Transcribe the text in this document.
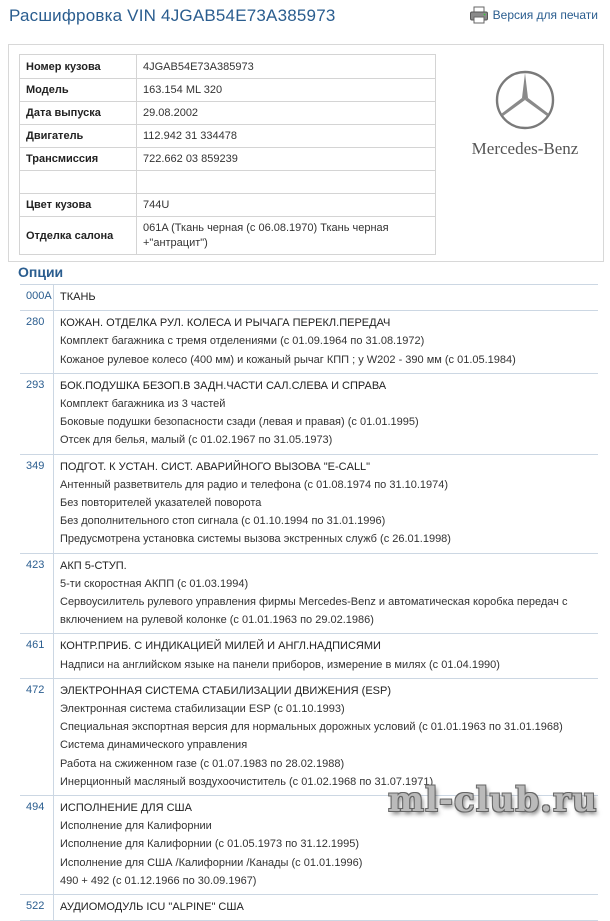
Расшифровка VIN 4JGAB54E73A385973	Версия для печати
Номер кузова	4JGAB54E73A385973
Модель	163.154 ML 320
Дата выпуска	29.08.2002
Двигатель	112.942 31 334478
Трансмиссия	722.662 03 859239

Цвет кузова	744U
Отделка салона	061A (Ткань черная (с 06.08.1970) Ткань черная +"антрацит")
Mercedes-Benz
Опции
000A ТКАНЬ
280	КОЖАН. ОТДЕЛКА РУЛ. КОЛЕСА И РЫЧАГА ПЕРЕКЛ.ПЕРЕДАЧ
Комплект багажника с тремя отделениями (с 01.09.1964 по 31.08.1972)
Кожаное рулевое колесо (400 мм) и кожаный рычаг КПП ; у W202 - 390 мм (с 01.05.1984)
293	БОК.ПОДУШКА БЕЗОП.В ЗАДН.ЧАСТИ САЛ.СЛЕВА И СПРАВА
Комплект багажника из 3 частей
Боковые подушки безопасности сзади (левая и правая) (с 01.01.1995)
Отсек для белья, малый (с 01.02.1967 по 31.05.1973)
349	ПОДГОТ. К УСТАН. СИСТ. АВАРИЙНОГО ВЫЗОВА "E-CALL"
Антенный разветвитель для радио и телефона (с 01.08.1974 по 31.10.1974)
Без повторителей указателей поворота
Без дополнительного стоп сигнала (с 01.10.1994 по 31.01.1996)
Предусмотрена установка системы вызова экстренных служб (с 26.01.1998)
423	АКП 5-СТУП.
5-ти скоростная АКПП (с 01.03.1994)
Сервоусилитель рулевого управления фирмы Mercedes-Benz и автоматическая коробка передач с
включением на рулевой колонке (с 01.01.1963 по 29.02.1986)
461	КОНТР.ПРИБ. С ИНДИКАЦИЕЙ МИЛЕЙ И АНГЛ.НАДПИСЯМИ
Надписи на английском языке на панели приборов, измерение в милях (с 01.04.1990)
472	ЭЛЕКТРОННАЯ СИСТЕМА СТАБИЛИЗАЦИИ ДВИЖЕНИЯ (ESP)
Электронная система стабилизации ESP (с 01.10.1993)
Специальная экспортная версия для нормальных дорожных условий (с 01.01.1963 по 31.01.1968)
Система динамического управления
Работа на сжиженном газе (с 01.07.1983 по 28.02.1988)
Инерционный масляный воздухоочиститель (с 01.02.1968 по 31.07.1971)
494	ИСПОЛНЕНИЕ ДЛЯ США
Исполнение для Калифорнии
Исполнение для Калифорнии (с 01.05.1973 по 31.12.1995)
Исполнение для США /Калифорнии /Канады (с 01.01.1996)
490 + 492 (с 01.12.1966 по 30.09.1967)
522	АУДИОМОДУЛЬ ICU "ALPINE" США
ml-club.ru
